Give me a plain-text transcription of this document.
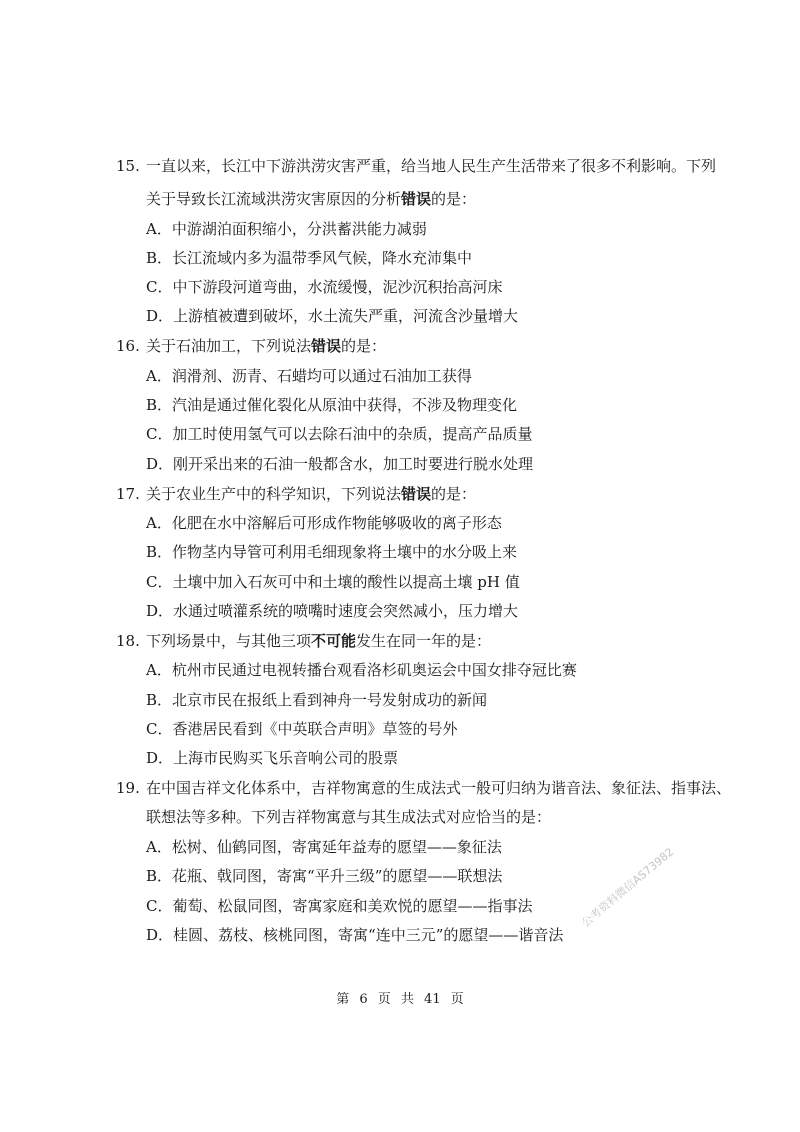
15. 一直以来，长江中下游洪涝灾害严重，给当地人民生产生活带来了很多不利影响。下列
关于导致长江流域洪涝灾害原因的分析错误的是：
A．中游湖泊面积缩小，分洪蓄洪能力减弱
B．长江流域内多为温带季风气候，降水充沛集中
C．中下游段河道弯曲，水流缓慢，泥沙沉积抬高河床
D．上游植被遭到破坏，水土流失严重，河流含沙量增大
16. 关于石油加工，下列说法错误的是：
A．润滑剂、沥青、石蜡均可以通过石油加工获得
B．汽油是通过催化裂化从原油中获得，不涉及物理变化
C．加工时使用氢气可以去除石油中的杂质，提高产品质量
D．刚开采出来的石油一般都含水，加工时要进行脱水处理
17. 关于农业生产中的科学知识，下列说法错误的是：
A．化肥在水中溶解后可形成作物能够吸收的离子形态
B．作物茎内导管可利用毛细现象将土壤中的水分吸上来
C．土壤中加入石灰可中和土壤的酸性以提高土壤 pH 值
D．水通过喷灌系统的喷嘴时速度会突然减小，压力增大
18. 下列场景中，与其他三项不可能发生在同一年的是：
A．杭州市民通过电视转播台观看洛杉矶奥运会中国女排夺冠比赛
B．北京市民在报纸上看到神舟一号发射成功的新闻
C．香港居民看到《中英联合声明》草签的号外
D．上海市民购买飞乐音响公司的股票
19. 在中国吉祥文化体系中，吉祥物寓意的生成法式一般可归纳为谐音法、象征法、指事法、
联想法等多种。下列吉祥物寓意与其生成法式对应恰当的是：
A．松树、仙鹤同图，寄寓延年益寿的愿望——象征法
B．花瓶、戟同图，寄寓“平升三级”的愿望——联想法
C．葡萄、松鼠同图，寄寓家庭和美欢悦的愿望——指事法
D．桂圆、荔枝、核桃同图，寄寓“连中三元”的愿望——谐音法
公考资料微信AS73982
第 6 页 共 41 页
